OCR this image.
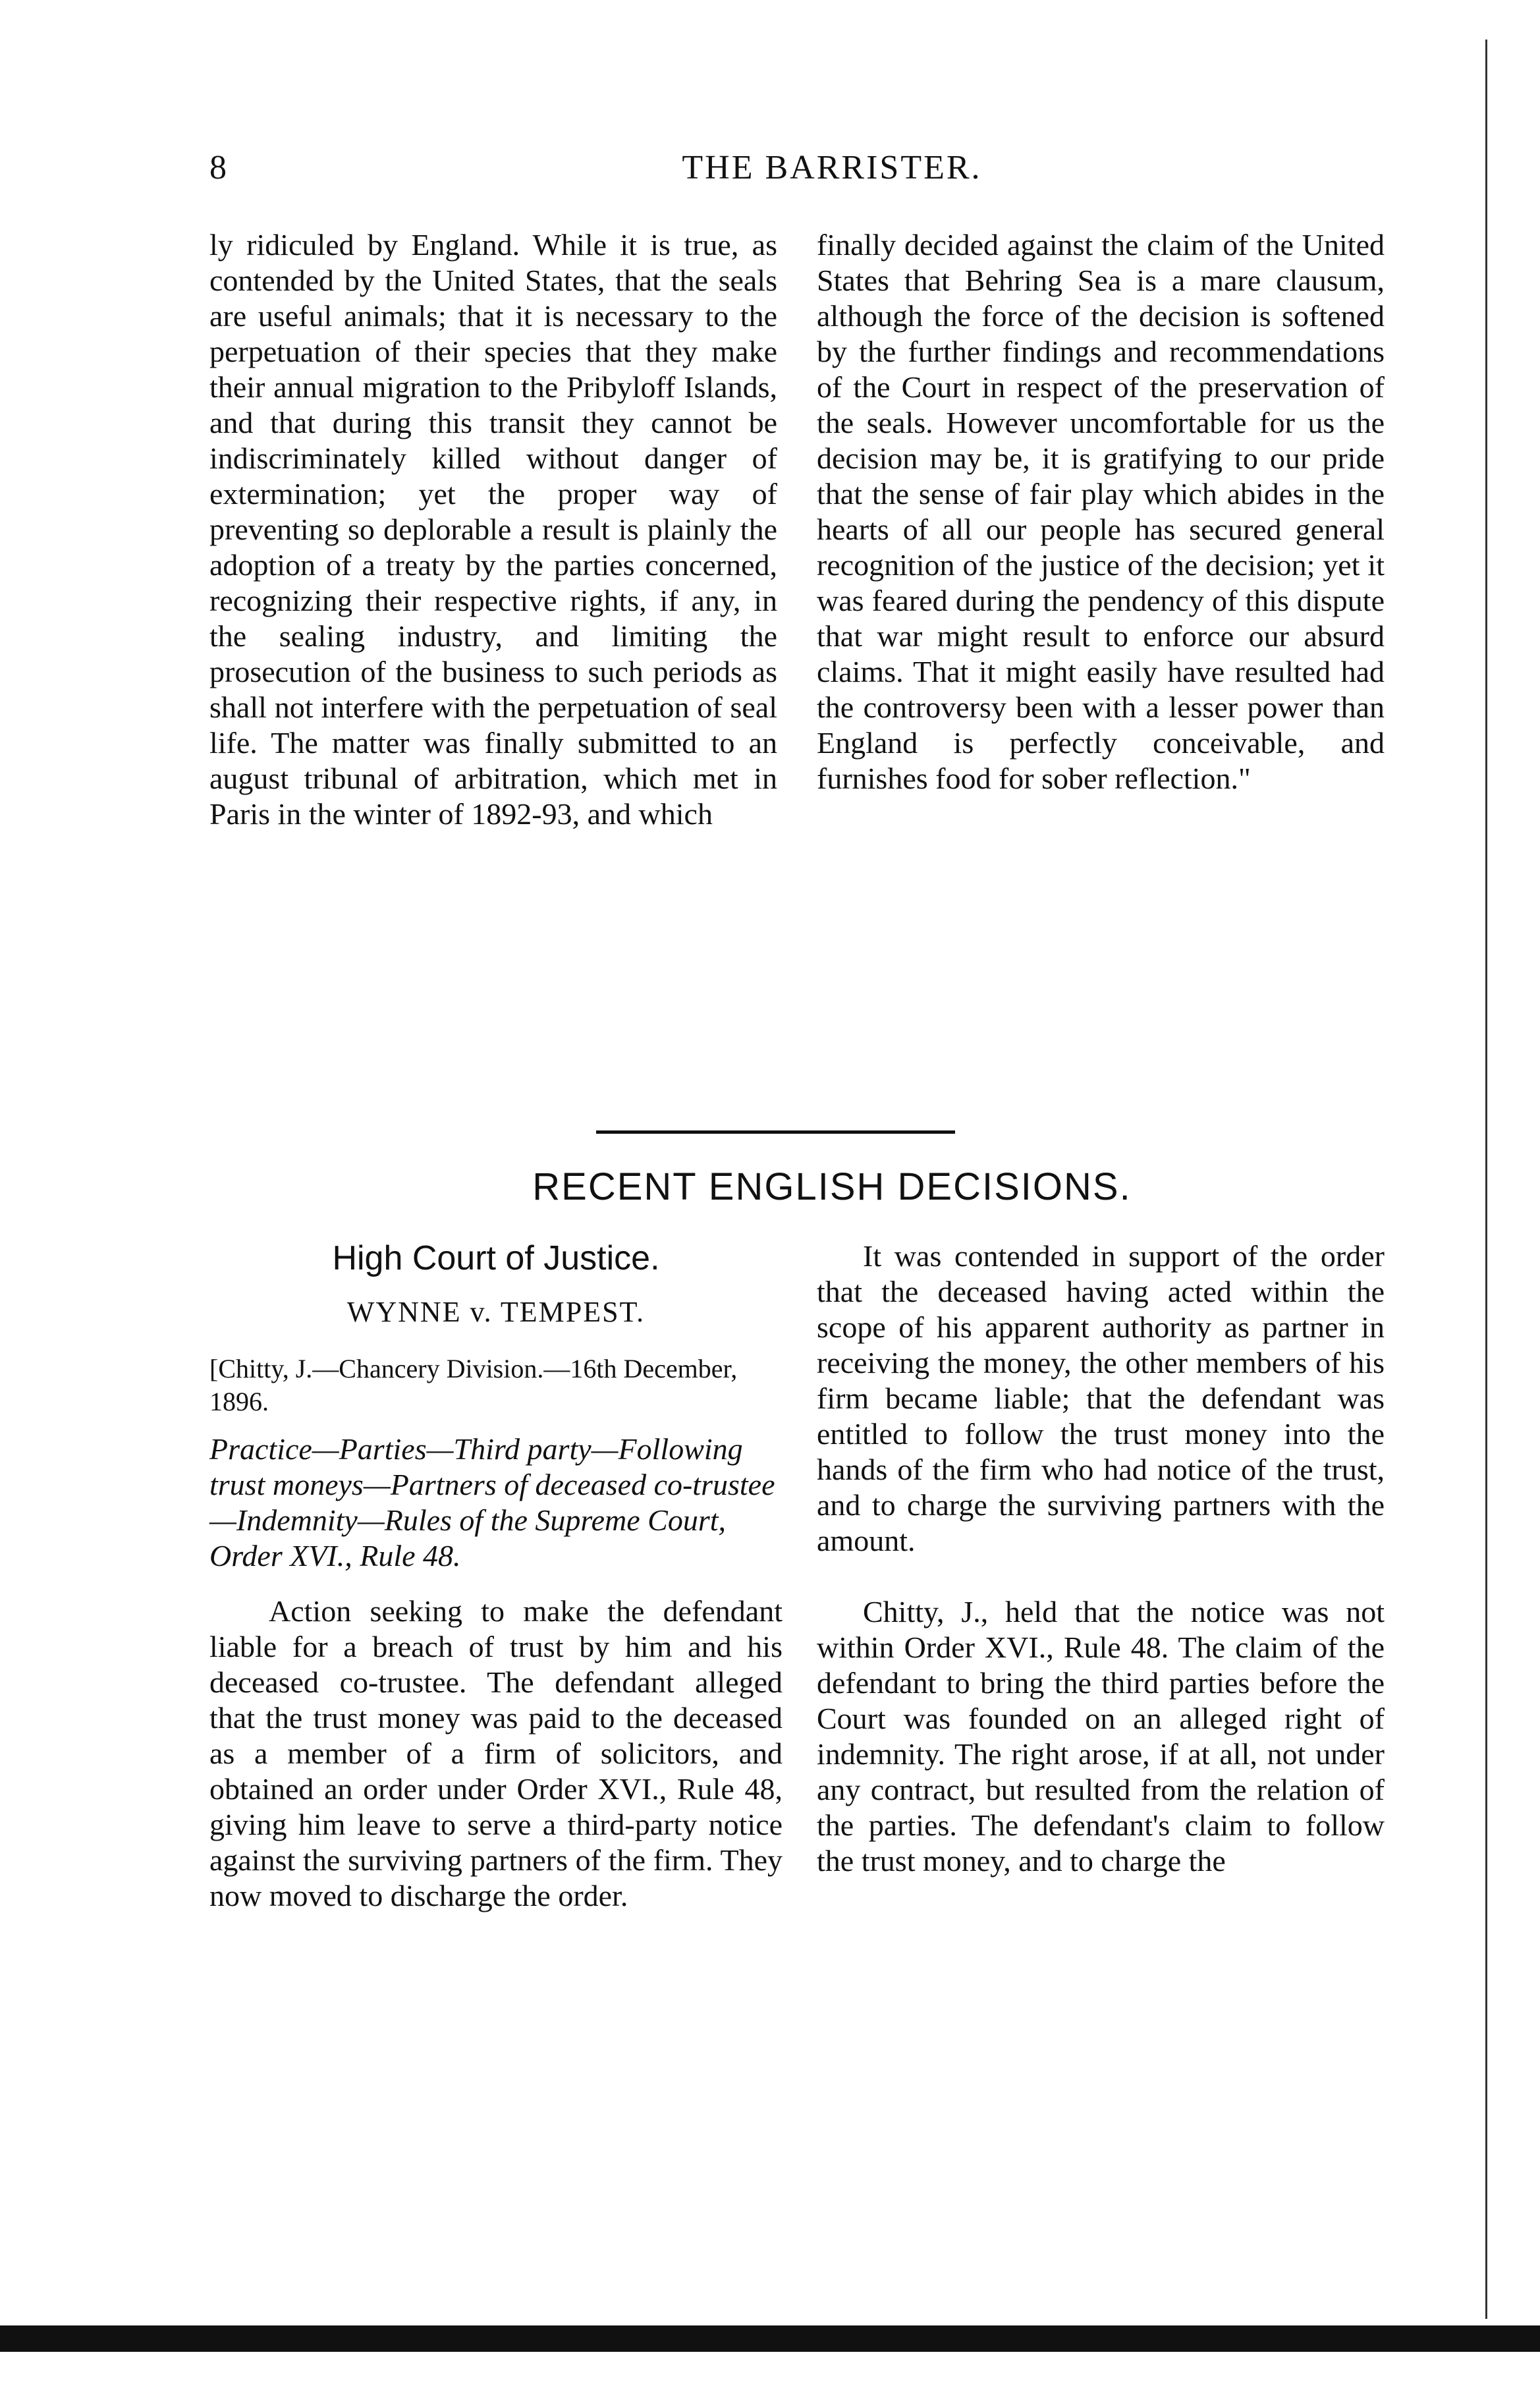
8	THE BARRISTER.

ly ridiculed by England. While it is true, as contended by the United States, that the seals are useful animals; that it is necessary to the perpetuation of their species that they make their annual migration to the Pribyloff Islands, and that during this transit they cannot be indiscriminately killed without danger of extermination; yet the proper way of preventing so deplorable a result is plainly the adoption of a treaty by the parties concerned, recognizing their respective rights, if any, in the sealing industry, and limiting the prosecution of the business to such periods as shall not interfere with the perpetuation of seal life. The matter was finally submitted to an august tribunal of arbitration, which met in Paris in the winter of 1892-93, and which

finally decided against the claim of the United States that Behring Sea is a mare clausum, although the force of the decision is softened by the further findings and recommendations of the Court in respect of the preservation of the seals. However uncomfortable for us the decision may be, it is gratifying to our pride that the sense of fair play which abides in the hearts of all our people has secured general recognition of the justice of the decision; yet it was feared during the pendency of this dispute that war might result to enforce our absurd claims. That it might easily have resulted had the controversy been with a lesser power than England is perfectly conceivable, and furnishes food for sober reflection."

RECENT ENGLISH DECISIONS.
High Court of Justice.
WYNNE v. TEMPEST.
[Chitty, J.—Chancery Division.—16th December, 1896.
Practice—Parties—Third party—Following trust moneys—Partners of deceased co-trustee—Indemnity—Rules of the Supreme Court, Order XVI., Rule 48.

Action seeking to make the defendant liable for a breach of trust by him and his deceased co-trustee. The defendant alleged that the trust money was paid to the deceased as a member of a firm of solicitors, and obtained an order under Order XVI., Rule 48, giving him leave to serve a third-party notice against the surviving partners of the firm. They now moved to discharge the order.

It was contended in support of the order that the deceased having acted within the scope of his apparent authority as partner in receiving the money, the other members of his firm became liable; that the defendant was entitled to follow the trust money into the hands of the firm who had notice of the trust, and to charge the surviving partners with the amount.

Chitty, J., held that the notice was not within Order XVI., Rule 48. The claim of the defendant to bring the third parties before the Court was founded on an alleged right of indemnity. The right arose, if at all, not under any contract, but resulted from the relation of the parties. The defendant's claim to follow the trust money, and to charge the
